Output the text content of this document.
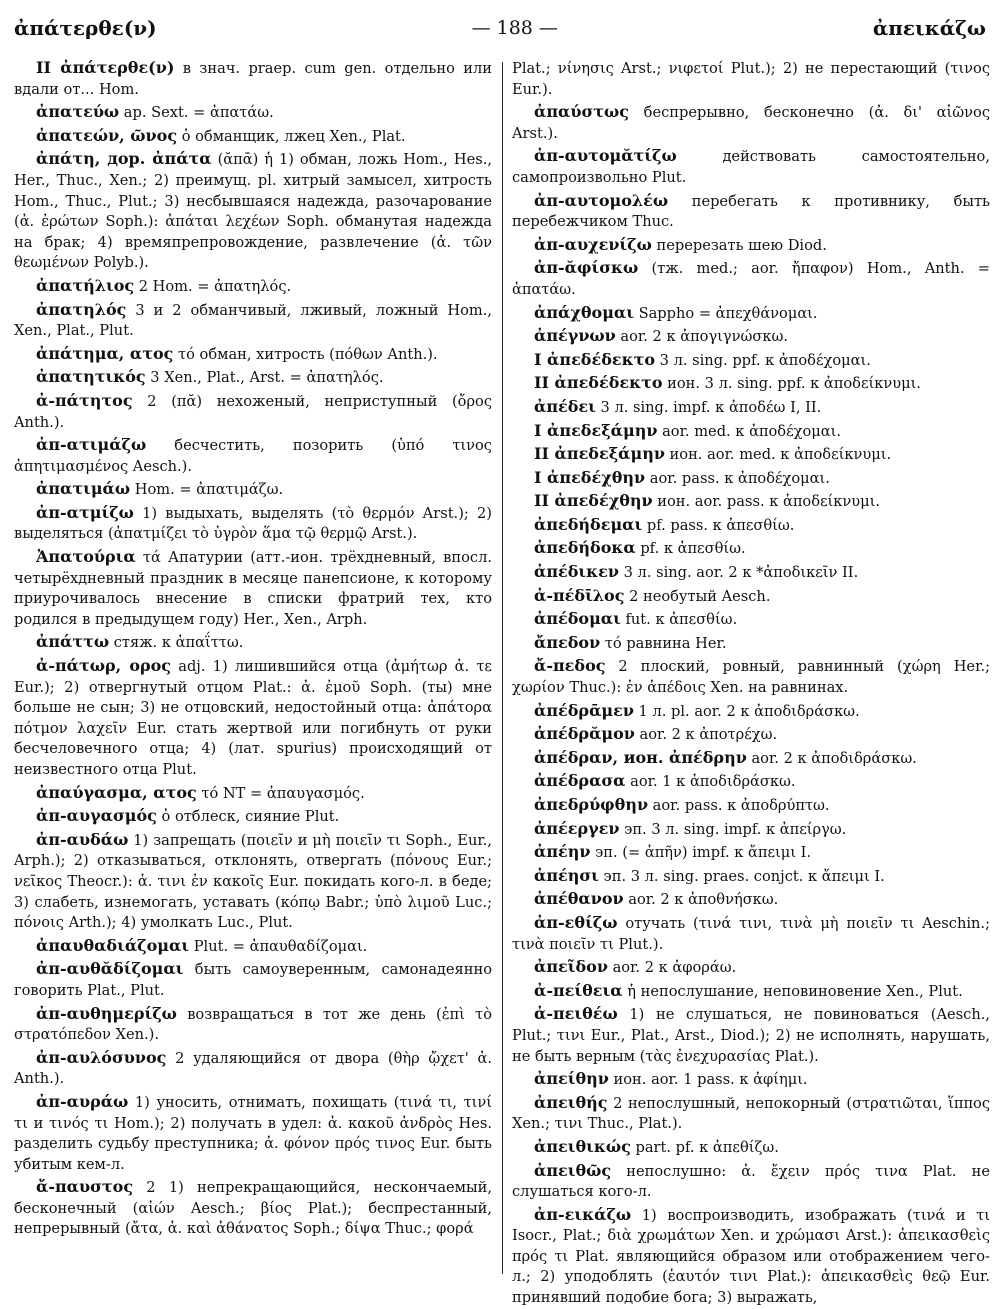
ἀπάτερθε(ν)	— 188 —	ἀπεικάζω

II ἀπάτερθε(ν) в знач. praep. cum gen. отдельно или вдали от... Hom.

ἀπατεύω ap. Sext. = ἀπατάω.

ἀπατεών, ῶνος ὁ обманщик, лжец Xen., Plat.

ἀπάτη, дор. ἀπάτα (ᾰπᾱ) ἡ 1) обман, ложь Hom., Hes., Her., Thuc., Xen.; 2) преимущ. pl. хитрый замысел, хитрость Hom., Thuc., Plut.; 3) несбывшаяся надежда, разочарование (ἀ. ἐρώτων Soph.): ἀπάται λεχέων Soph. обманутая надежда на брак; 4) времяпрепровождение, развлечение (ἀ. τῶν θεωμένων Polyb.).

ἀπατήλιος 2 Hom. = ἀπατηλός.

ἀπατηλός 3 и 2 обманчивый, лживый, ложный Hom., Xen., Plat., Plut.

ἀπάτημα, ατος τό обман, хитрость (πόθων Anth.).

ἀπατητικός 3 Xen., Plat., Arst. = ἀπατηλός.

ἀ-πάτητος 2 (πᾰ) нехоженый, неприступный (ὄρος Anth.).

ἀπ-ατιμάζω бесчестить, позорить (ὑπό τινος ἀπητιμασμένος Aesch.).

ἀπατιμάω Hom. = ἀπατιμάζω.

ἀπ-ατμίζω 1) выдыхать, выделять (τὸ θερμόν Arst.); 2) выделяться (ἀπατμίζει τὸ ὑγρὸν ἅμα τῷ θερμῷ Arst.).

Ἀπατούρια τά Апатурии (атт.-ион. трёхдневный, впосл. четырёхдневный праздник в месяце панепсионе, к которому приурочивалось внесение в списки фратрий тех, кто родился в предыдущем году) Her., Xen., Arph.

ἀπάττω стяж. к ἀπαΐττω.

ἀ-πάτωρ, ορος adj. 1) лишившийся отца (ἀμήτωρ ἀ. τε Eur.); 2) отвергнутый отцом Plat.: ἀ. ἐμοῦ Soph. (ты) мне больше не сын; 3) не отцовский, недостойный отца: ἀπάτορα πότμον λαχεῖν Eur. стать жертвой или погибнуть от руки бесчеловечного отца; 4) (лат. spurius) происходящий от неизвестного отца Plut.

ἀπαύγασμα, ατος τό NT = ἀπαυγασμός.

ἀπ-αυγασμός ὁ отблеск, сияние Plut.

ἀπ-αυδάω 1) запрещать (ποιεῖν и μὴ ποιεῖν τι Soph., Eur., Arph.); 2) отказываться, отклонять, отвергать (πόνους Eur.; νεῖκος Theocr.): ἀ. τινι ἐν κακοῖς Eur. покидать кого-л. в беде; 3) слабеть, изнемогать, уставать (κόπῳ Babr.; ὑπὸ λιμοῦ Luc.; πόνοις Arth.); 4) умолкать Luc., Plut.

ἀπαυθαδιάζομαι Plut. = ἀπαυθαδίζομαι.

ἀπ-αυθᾰδίζομαι быть самоуверенным, самонадеянно говорить Plat., Plut.

ἀπ-αυθημερίζω возвращаться в тот же день (ἐπὶ τὸ στρατόπεδον Xen.).

ἀπ-αυλόσυνος 2 удаляющийся от двора (θὴρ ᾤχετ' ἀ. Anth.).

ἀπ-αυράω 1) уносить, отнимать, похищать (τινά τι, τινί τι и τινός τι Hom.); 2) получать в удел: ἀ. κακοῦ ἀνδρὸς Hes. разделить судьбу преступника; ἀ. φόνον πρός τινος Eur. быть убитым кем-л.

ἄ-παυστος 2 1) непрекращающийся, нескончаемый, бесконечный (αἰών Aesch.; βίος Plat.); беспрестанный, непрерывный (ἄτα, ἀ. καὶ ἀθάνατος Soph.; δίψα Thuc.; φορά

Plat.; νίνησις Arst.; νιφετοί Plut.); 2) не перестающий (τινος Eur.).

ἀπαύστως беспрерывно, бесконечно (ἀ. δι' αἰῶνος Arst.).

ἀπ-αυτομᾰτίζω действовать самостоятельно, самопроизвольно Plut.

ἀπ-αυτομολέω перебегать к противнику, быть перебежчиком Thuc.

ἀπ-αυχενίζω перерезать шею Diod.

ἀπ-ᾰφίσκω (тж. med.; aor. ἤπαφον) Hom., Anth. = ἀπατάω.

ἀπάχθομαι Sappho = ἀπεχθάνομαι.

ἀπέγνων aor. 2 к ἀπογιγνώσκω.

I ἀπεδέδεκτο 3 л. sing. ppf. к ἀποδέχομαι.

II ἀπεδέδεκτο ион. 3 л. sing. ppf. к ἀποδείκνυμι.

ἀπέδει 3 л. sing. impf. к ἀποδέω I, II.

I ἀπεδεξάμην aor. med. к ἀποδέχομαι.

II ἀπεδεξάμην ион. aor. med. к ἀποδείκνυμι.

I ἀπεδέχθην aor. pass. к ἀποδέχομαι.

II ἀπεδέχθην ион. aor. pass. к ἀποδείκνυμι.

ἀπεδήδεμαι pf. pass. к ἀπεσθίω.

ἀπεδήδοκα pf. к ἀπεσθίω.

ἀπέδικεν 3 л. sing. aor. 2 к *ἀποδικεῖν II.

ἀ-πέδῑλος 2 необутый Aesch.

ἀπέδομαι fut. к ἀπεσθίω.

ἄπεδον τό равнина Her.

ἄ-πεδος 2 плоский, ровный, равнинный (χώρη Her.; χωρίον Thuc.): ἐν ἀπέδοις Xen. на равнинах.

ἀπέδρᾱμεν 1 л. pl. aor. 2 к ἀποδιδράσκω.

ἀπέδρᾰμον aor. 2 к ἀποτρέχω.

ἀπέδραν, ион. ἀπέδρην aor. 2 к ἀποδιδράσκω.

ἀπέδρασα aor. 1 к ἀποδιδράσκω.

ἀπεδρύφθην aor. pass. к ἀποδρύπτω.

ἀπέεργεν эп. 3 л. sing. impf. к ἀπείργω.

ἀπέην эп. (= ἀπῆν) impf. к ἄπειμι I.

ἀπέησι эп. 3 л. sing. praes. conjct. к ἄπειμι I.

ἀπέθανον aor. 2 к ἀποθνήσκω.

ἀπ-εθίζω отучать (τινά τινι, τινὰ μὴ ποιεῖν τι Aeschin.; τινὰ ποιεῖν τι Plut.).

ἀπεῖδον aor. 2 к ἀφοράω.

ἀ-πείθεια ἡ непослушание, неповиновение Xen., Plut.

ἀ-πειθέω 1) не слушаться, не повиноваться (Aesch., Plut.; τινι Eur., Plat., Arst., Diod.); 2) не исполнять, нарушать, не быть верным (τὰς ἐνεχυρασίας Plat.).

ἀπείθην ион. aor. 1 pass. к ἀφίημι.

ἀπειθής 2 непослушный, непокорный (στρατιῶται, ἵππος Xen.; τινι Thuc., Plat.).

ἀπειθικώς part. pf. к ἀπεθίζω.

ἀπειθῶς непослушно: ἀ. ἔχειν πρός τινα Plat. не слушаться кого-л.

ἀπ-εικάζω 1) воспроизводить, изображать (τινά и τι Isocr., Plat.; διὰ χρωμάτων Xen. и χρώμασι Arst.): ἀπεικασθεὶς πρός τι Plat. являющийся образом или отображением чего-л.; 2) уподоблять (ἑαυτόν τινι Plat.): ἀπεικασθεὶς θεῷ Eur. принявший подобие бога; 3) выражать,
